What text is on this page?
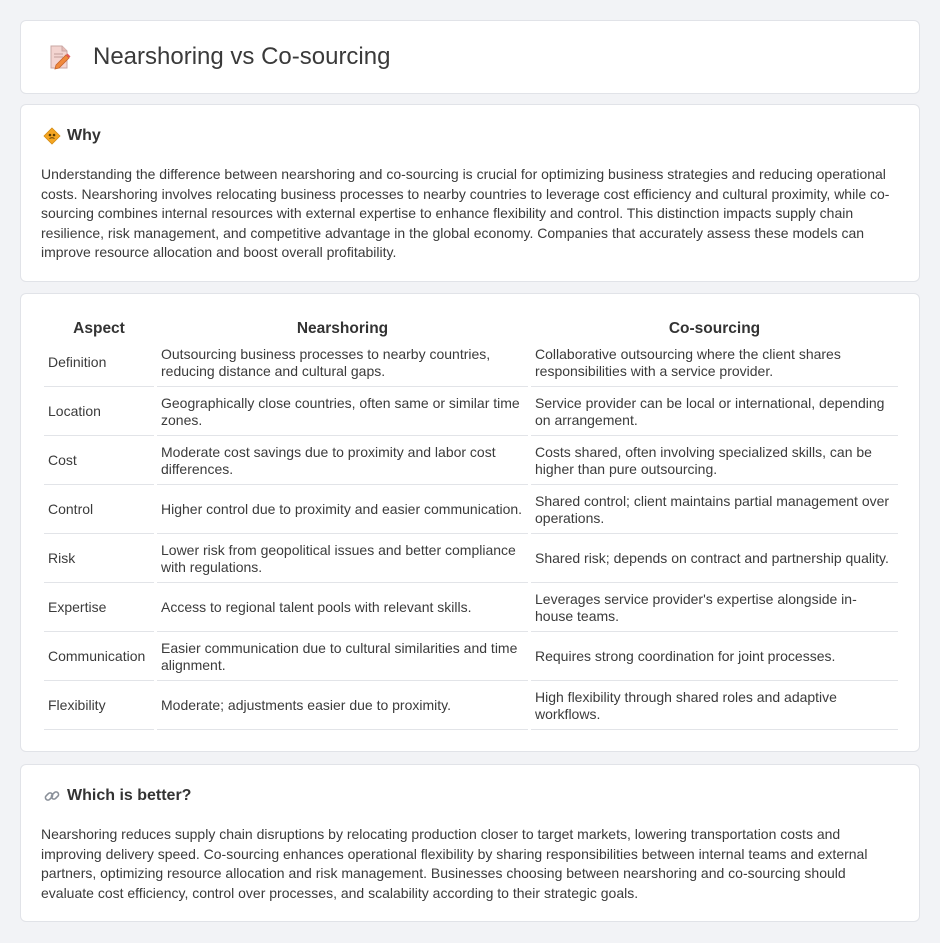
Nearshoring vs Co-sourcing
Why

Understanding the difference between nearshoring and co-sourcing is crucial for optimizing business strategies and reducing operational costs. Nearshoring involves relocating business processes to nearby countries to leverage cost efficiency and cultural proximity, while co-sourcing combines internal resources with external expertise to enhance flexibility and control. This distinction impacts supply chain resilience, risk management, and competitive advantage in the global economy. Companies that accurately assess these models can improve resource allocation and boost overall profitability.

Aspect	Nearshoring	Co-sourcing
Definition	Outsourcing business processes to nearby countries, reducing distance and cultural gaps.	Collaborative outsourcing where the client shares responsibilities with a service provider.
Location	Geographically close countries, often same or similar time zones.	Service provider can be local or international, depending on arrangement.
Cost	Moderate cost savings due to proximity and labor cost differences.	Costs shared, often involving specialized skills, can be higher than pure outsourcing.
Control	Higher control due to proximity and easier communication.	Shared control; client maintains partial management over operations.
Risk	Lower risk from geopolitical issues and better compliance with regulations.	Shared risk; depends on contract and partnership quality.
Expertise	Access to regional talent pools with relevant skills.	Leverages service provider's expertise alongside in-house teams.
Communication	Easier communication due to cultural similarities and time alignment.	Requires strong coordination for joint processes.
Flexibility	Moderate; adjustments easier due to proximity.	High flexibility through shared roles and adaptive workflows.
Which is better?

Nearshoring reduces supply chain disruptions by relocating production closer to target markets, lowering transportation costs and improving delivery speed. Co-sourcing enhances operational flexibility by sharing responsibilities between internal teams and external partners, optimizing resource allocation and risk management. Businesses choosing between nearshoring and co-sourcing should evaluate cost efficiency, control over processes, and scalability according to their strategic goals.
